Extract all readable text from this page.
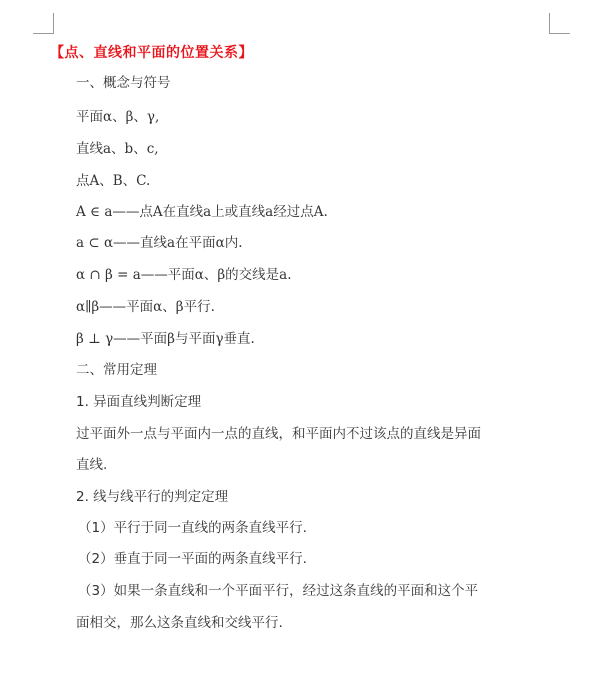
【点、直线和平面的位置关系】
一、概念与符号
平面α、β、γ,
直线a、b、c,
点A、B、C.
A ∈ a——点A在直线a上或直线a经过点A.
a ⊂ α——直线a在平面α内.
α ∩ β = a——平面α、β的交线是a.
α∥β——平面α、β平行.
β ⊥ γ——平面β与平面γ垂直.
二、常用定理
1. 异面直线判断定理
过平面外一点与平面内一点的直线，和平面内不过该点的直线是异面
直线.
2. 线与线平行的判定定理
（1）平行于同一直线的两条直线平行.
（2）垂直于同一平面的两条直线平行.
（3）如果一条直线和一个平面平行，经过这条直线的平面和这个平
面相交，那么这条直线和交线平行.
